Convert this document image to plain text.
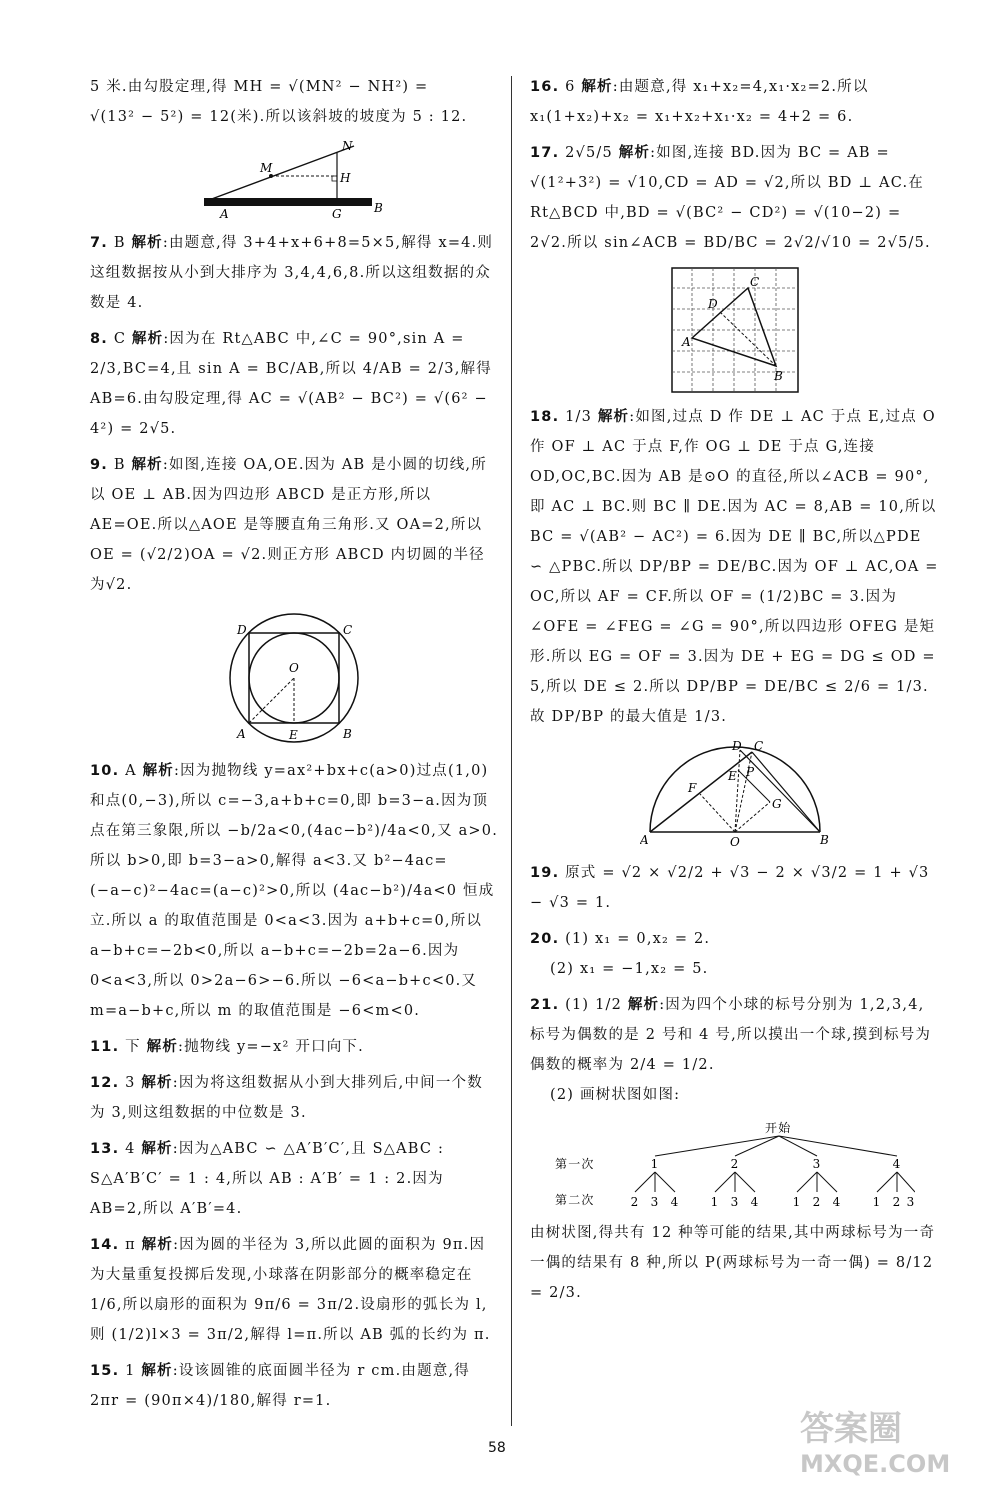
5 米.由勾股定理,得 MH = √(MN² − NH²) =

√(13² − 5²) = 12(米).所以该斜坡的坡度为 5 : 12.

N
M
H
A	G	B
7. B 解析:由题意,得 3+4+x+6+8=5×5,解得 x=4.则这组数据按从小到大排序为 3,4,4,6,8.所以这组数据的众数是 4.
8. C 解析:因为在 Rt△ABC 中,∠C = 90°,sin A = 2/3,BC=4,且 sin A = BC/AB,所以 4/AB = 2/3,解得 AB=6.由勾股定理,得 AC = √(AB² − BC²) = √(6² − 4²) = 2√5.
9. B 解析:如图,连接 OA,OE.因为 AB 是小圆的切线,所以 OE ⊥ AB.因为四边形 ABCD 是正方形,所以 AE=OE.所以△AOE 是等腰直角三角形.又 OA=2,所以 OE = (√2/2)OA = √2.则正方形 ABCD 内切圆的半径为√2.
D	C
O
A	E	B
10. A 解析:因为抛物线 y=ax²+bx+c(a>0)过点(1,0)和点(0,−3),所以 c=−3,a+b+c=0,即 b=3−a.因为顶点在第三象限,所以 −b/2a<0,(4ac−b²)/4a<0,又 a>0.所以 b>0,即 b=3−a>0,解得 a<3.又 b²−4ac=(−a−c)²−4ac=(a−c)²>0,所以 (4ac−b²)/4a<0 恒成立.所以 a 的取值范围是 0<a<3.因为 a+b+c=0,所以 a−b+c=−2b<0,所以 a−b+c=−2b=2a−6.因为 0<a<3,所以 0>2a−6>−6.所以 −6<a−b+c<0.又 m=a−b+c,所以 m 的取值范围是 −6<m<0.
11. 下 解析:抛物线 y=−x² 开口向下.
12. 3 解析:因为将这组数据从小到大排列后,中间一个数为 3,则这组数据的中位数是 3.
13. 4 解析:因为△ABC ∽ △A′B′C′,且 S△ABC : S△A′B′C′ = 1 : 4,所以 AB : A′B′ = 1 : 2.因为 AB=2,所以 A′B′=4.
14. π 解析:因为圆的半径为 3,所以此圆的面积为 9π.因为大量重复投掷后发现,小球落在阴影部分的概率稳定在 1/6,所以扇形的面积为 9π/6 = 3π/2.设扇形的弧长为 l,则 (1/2)l×3 = 3π/2,解得 l=π.所以 AB 弧的长约为 π.
15. 1 解析:设该圆锥的底面圆半径为 r cm.由题意,得 2πr = (90π×4)/180,解得 r=1.
16. 6 解析:由题意,得 x₁+x₂=4,x₁·x₂=2.所以 x₁(1+x₂)+x₂ = x₁+x₂+x₁·x₂ = 4+2 = 6.
17. 2√5/5 解析:如图,连接 BD.因为 BC = AB = √(1²+3²) = √10,CD = AD = √2,所以 BD ⊥ AC.在 Rt△BCD 中,BD = √(BC² − CD²) = √(10−2) = 2√2.所以 sin∠ACB = BD/BC = 2√2/√10 = 2√5/5.
C
D
A
B
18. 1/3 解析:如图,过点 D 作 DE ⊥ AC 于点 E,过点 O 作 OF ⊥ AC 于点 F,作 OG ⊥ DE 于点 G,连接 OD,OC,BC.因为 AB 是⊙O 的直径,所以∠ACB = 90°,即 AC ⊥ BC.则 BC ∥ DE.因为 AC = 8,AB = 10,所以 BC = √(AB² − AC²) = 6.因为 DE ∥ BC,所以△PDE ∽ △PBC.所以 DP/BP = DE/BC.因为 OF ⊥ AC,OA = OC,所以 AF = CF.所以 OF = (1/2)BC = 3.因为∠OFE = ∠FEG = ∠G = 90°,所以四边形 OFEG 是矩形.所以 EG = OF = 3.因为 DE + EG = DG ≤ OD = 5,所以 DE ≤ 2.所以 DP/BP = DE/BC ≤ 2/6 = 1/3.故 DP/BP 的最大值是 1/3.
D C
F
E P
G
A	O	B
19. 原式 = √2 × √2/2 + √3 − 2 × √3/2 = 1 + √3 − √3 = 1.
20. (1) x₁ = 0,x₂ = 2.

(2) x₁ = −1,x₂ = 5.

21. (1) 1/2 解析:因为四个小球的标号分别为 1,2,3,4,标号为偶数的是 2 号和 4 号,所以摸出一个球,摸到标号为偶数的概率为 2/4 = 1/2.

(2) 画树状图如图:

开始
第一次
第二次
1	2	3	4
2 3 4	1 3 4	1 2 4	1 2 3
由树状图,得共有 12 种等可能的结果,其中两球标号为一奇一偶的结果有 8 种,所以 P(两球标号为一奇一偶) = 8/12 = 2/3.
58	答案圈
MXQE.COM
